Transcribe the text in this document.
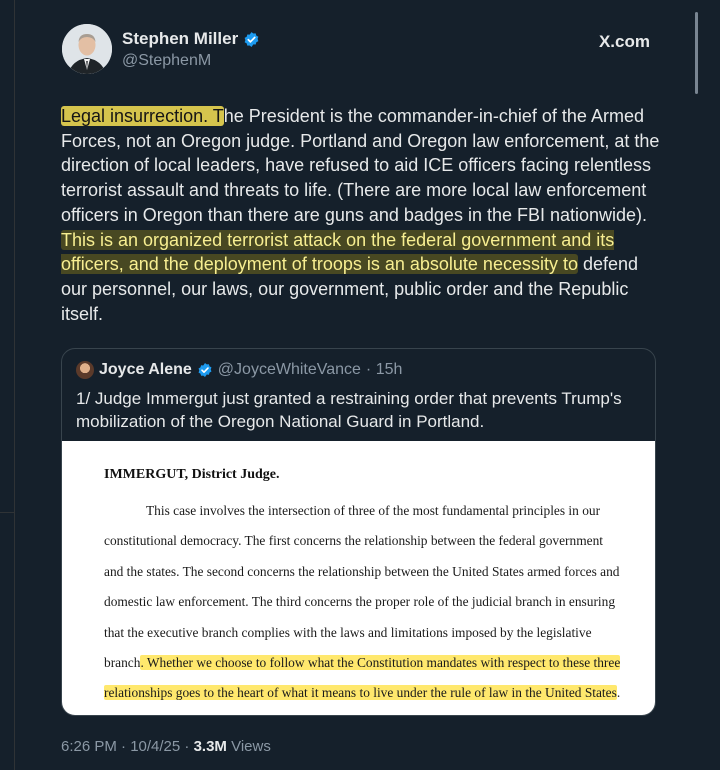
Stephen Miller
@StephenM
X.com
Legal insurrection. The President is the commander-in-chief of the Armed Forces, not an Oregon judge. Portland and Oregon law enforcement, at the direction of local leaders, have refused to aid ICE officers facing relentless terrorist assault and threats to life. (There are more local law enforcement officers in Oregon than there are guns and badges in the FBI nationwide). This is an organized terrorist attack on the federal government and its officers, and the deployment of troops is an absolute necessity to defend our personnel, our laws, our government, public order and the Republic itself.
Joyce Alene @JoyceWhiteVance · 15h
1/ Judge Immergut just granted a restraining order that prevents Trump's mobilization of the Oregon National Guard in Portland.
IMMERGUT, District Judge.
This case involves the intersection of three of the most fundamental principles in our
constitutional democracy. The first concerns the relationship between the federal government
and the states. The second concerns the relationship between the United States armed forces and
domestic law enforcement. The third concerns the proper role of the judicial branch in ensuring
that the executive branch complies with the laws and limitations imposed by the legislative
branch. Whether we choose to follow what the Constitution mandates with respect to these three
relationships goes to the heart of what it means to live under the rule of law in the United States.
6:26 PM · 10/4/25 · 3.3M Views
